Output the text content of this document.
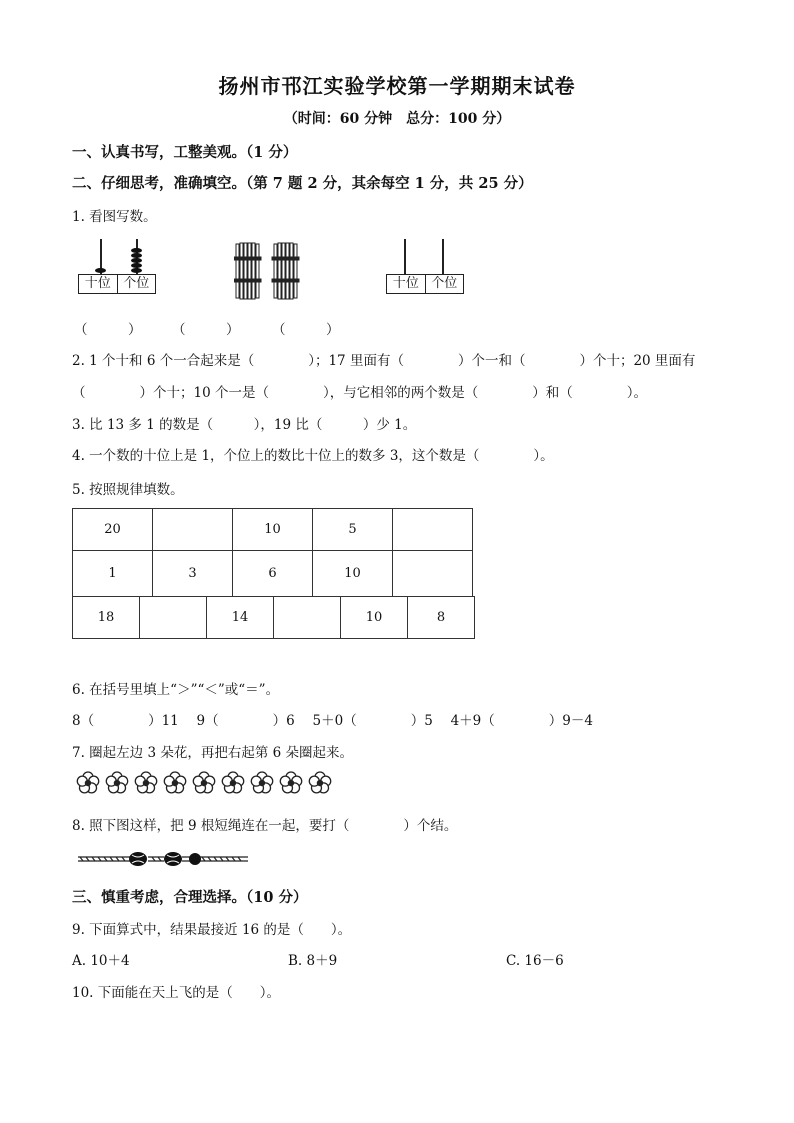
扬州市邗江实验学校第一学期期末试卷
（时间：60 分钟　总分：100 分）
一、认真书写，工整美观。（1 分）
二、仔细思考，准确填空。（第 7 题 2 分，其余每空 1 分，共 25 分）
1. 看图写数。
十位 个位	十位 个位
（　　　） （　　　） （　　　）
2. 1 个十和 6 个一合起来是（　　　　）；17 里面有（　　　　）个一和（　　　　）个十；20 里面有
（　　　　）个十；10 个一是（　　　　），与它相邻的两个数是（　　　　）和（　　　　）。
3. 比 13 多 1 的数是（　　　），19 比（　　　）少 1。
4. 一个数的十位上是 1，个位上的数比十位上的数多 3，这个数是（　　　　）。
5. 按照规律填数。
20		10	5	
1	3	6	10	
18		14		10	8
6. 在括号里填上“＞”“＜”或“＝”。
8（　　　　）11　 9（　　　　）6　 5＋0（　　　　）5　 4＋9（　　　　）9－4
7. 圈起左边 3 朵花，再把右起第 6 朵圈起来。
8. 照下图这样，把 9 根短绳连在一起，要打（　　　　）个结。
三、慎重考虑，合理选择。（10 分）
9. 下面算式中，结果最接近 16 的是（　　）。
A. 10＋4	B. 8＋9	C. 16－6
10. 下面能在天上飞的是（　　）。
